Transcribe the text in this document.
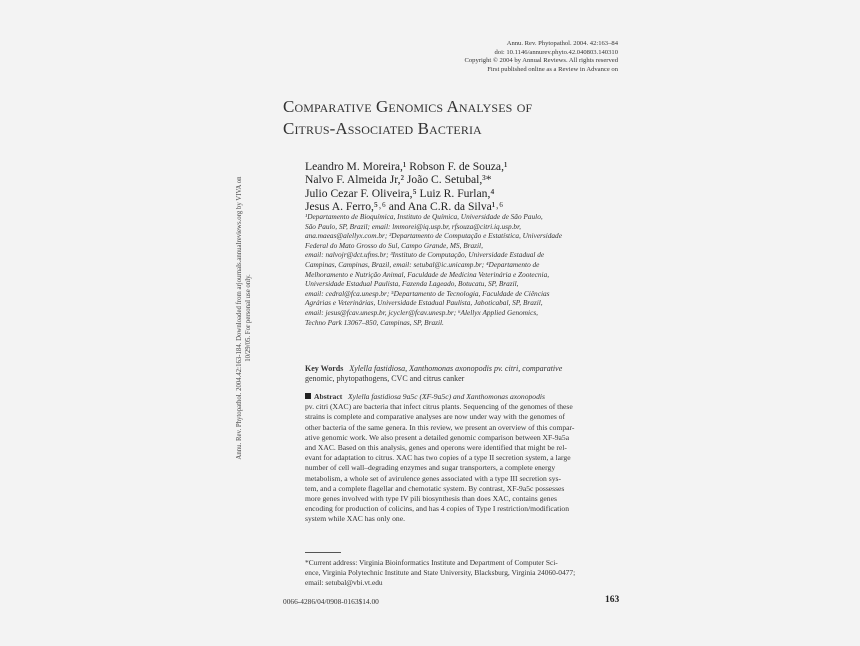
Annu. Rev. Phytopathol. 2004. 42:163–84
doi: 10.1146/annurev.phyto.42.040803.140310
Copyright © 2004 by Annual Reviews. All rights reserved
First published online as a Review in Advance on
Comparative Genomics Analyses of
Citrus-Associated Bacteria
Annu. Rev. Phytopathol. 2004.42:163-184. Downloaded from arjournals.annualreviews.org by VIVA on 10/29/05. For personal use only.
Leandro M. Moreira,¹ Robson F. de Souza,¹
Nalvo F. Almeida Jr,² João C. Setubal,³*
Julio Cezar F. Oliveira,⁵ Luiz R. Furlan,⁴
Jesus A. Ferro,⁵˒⁶ and Ana C.R. da Silva¹˒⁶
¹Departamento de Bioquímica, Instituto de Química, Universidade de São Paulo,
São Paulo, SP, Brazil; email: lmmorei@iq.usp.br, rfsouza@citri.iq.usp.br,
ana.maeas@alellyx.com.br; ²Departamento de Computação e Estatística, Universidade
Federal do Mato Grosso do Sul, Campo Grande, MS, Brazil,
email: nalvojr@dct.ufms.br; ³Instituto de Computação, Universidade Estadual de
Campinas, Campinas, Brazil, email: setubal@ic.unicamp.br; ⁴Departamento de
Melhoramento e Nutrição Animal, Faculdade de Medicina Veterinária e Zootecnia,
Universidade Estadual Paulista, Fazenda Lageado, Botucatu, SP, Brazil,
email: cedral@fca.unesp.br; ⁵Departamento de Tecnologia, Faculdade de Ciências
Agrárias e Veterinárias, Universidade Estadual Paulista, Jaboticabal, SP, Brazil,
email: jesus@fcav.unesp.br, jcycler@fcav.unesp.br; ⁶Alellyx Applied Genomics,
Techno Park 13067–850, Campinas, SP, Brazil.
Key Words Xylella fastidiosa, Xanthomonas axonopodis pv. citri, comparative
genomic, phytopathogens, CVC and citrus canker
Abstract Xylella fastidiosa 9a5c (XF-9a5c) and Xanthomonas axonopodis
pv. citri (XAC) are bacteria that infect citrus plants. Sequencing of the genomes of these
strains is complete and comparative analyses are now under way with the genomes of
other bacteria of the same genera. In this review, we present an overview of this compar-
ative genomic work. We also present a detailed genomic comparison between XF-9a5a
and XAC. Based on this analysis, genes and operons were identified that might be rel-
evant for adaptation to citrus. XAC has two copies of a type II secretion system, a large
number of cell wall–degrading enzymes and sugar transporters, a complete energy
metabolism, a whole set of avirulence genes associated with a type III secretion sys-
tem, and a complete flagellar and chemotatic system. By contrast, XF-9a5c possesses
more genes involved with type IV pili biosynthesis than does XAC, contains genes
encoding for production of colicins, and has 4 copies of Type I restriction/modification
system while XAC has only one.
*Current address: Virginia Bioinformatics Institute and Department of Computer Sci-
ence, Virginia Polytechnic Institute and State University, Blacksburg, Virginia 24060-0477;
email: setubal@vbi.vt.edu
0066-4286/04/0908-0163$14.00	163
